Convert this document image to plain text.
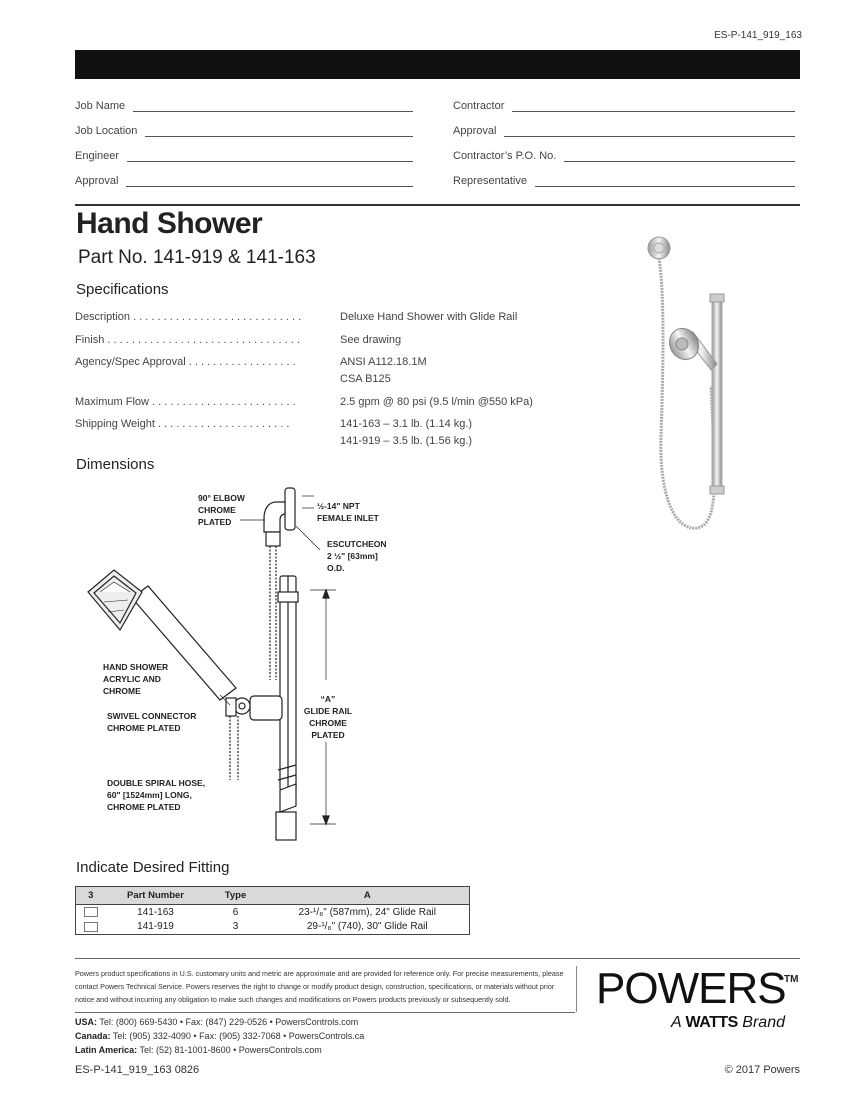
ES-P-141_919_163
Job Name
Job Location
Engineer
Approval
Contractor
Approval
Contractor’s P.O. No.
Representative
Hand Shower
Part No. 141-919 & 141-163
Specifications
Description . . . . . . . . . . . . . . . . . . . . . . . . . . . .	Deluxe Hand Shower with Glide Rail
Finish . . . . . . . . . . . . . . . . . . . . . . . . . . . . . . . .	See drawing
Agency/Spec Approval . . . . . . . . . . . . . . . . . .	ANSI A112.18.1M
CSA B125
Maximum Flow . . . . . . . . . . . . . . . . . . . . . . . .	2.5 gpm @ 80 psi (9.5 l/min @550 kPa)
Shipping Weight . . . . . . . . . . . . . . . . . . . . . .	141-163 – 3.1 lb. (1.14 kg.)
141-919 – 3.5 lb. (1.56 kg.)
Dimensions
90° ELBOW
CHROME
PLATED
½-14" NPT
FEMALE INLET
ESCUTCHEON
2 ½" [63mm]
O.D.
HAND SHOWER
ACRYLIC AND
CHROME
SWIVEL CONNECTOR
CHROME PLATED
“A”
GLIDE RAIL
CHROME
PLATED
DOUBLE SPIRAL HOSE,
60" [1524mm] LONG,
CHROME PLATED
Indicate Desired Fitting
3	Part Number	Type	A
	141-163	6	23-¹/₈" (587mm), 24" Glide Rail
	141-919	3	29-¹/₈" (740), 30" Glide Rail
Powers product specifications in U.S. customary units and metric are approximate and are provided for reference only. For precise measurements, please contact Powers Technical Service. Powers reserves the right to change or modify product design, construction, specifications, or materials without prior notice and without incurring any obligation to make such changes and modifications on Powers products previously or subsequently sold.	POWERS
TM
A WATTS Brand
USA: Tel: (800) 669-5430 • Fax: (847) 229-0526 • PowersControls.com
Canada: Tel: (905) 332-4090 • Fax: (905) 332-7068 • PowersControls.ca
Latin America: Tel: (52) 81-1001-8600 • PowersControls.com
ES-P-141_919_163 0826	© 2017 Powers
